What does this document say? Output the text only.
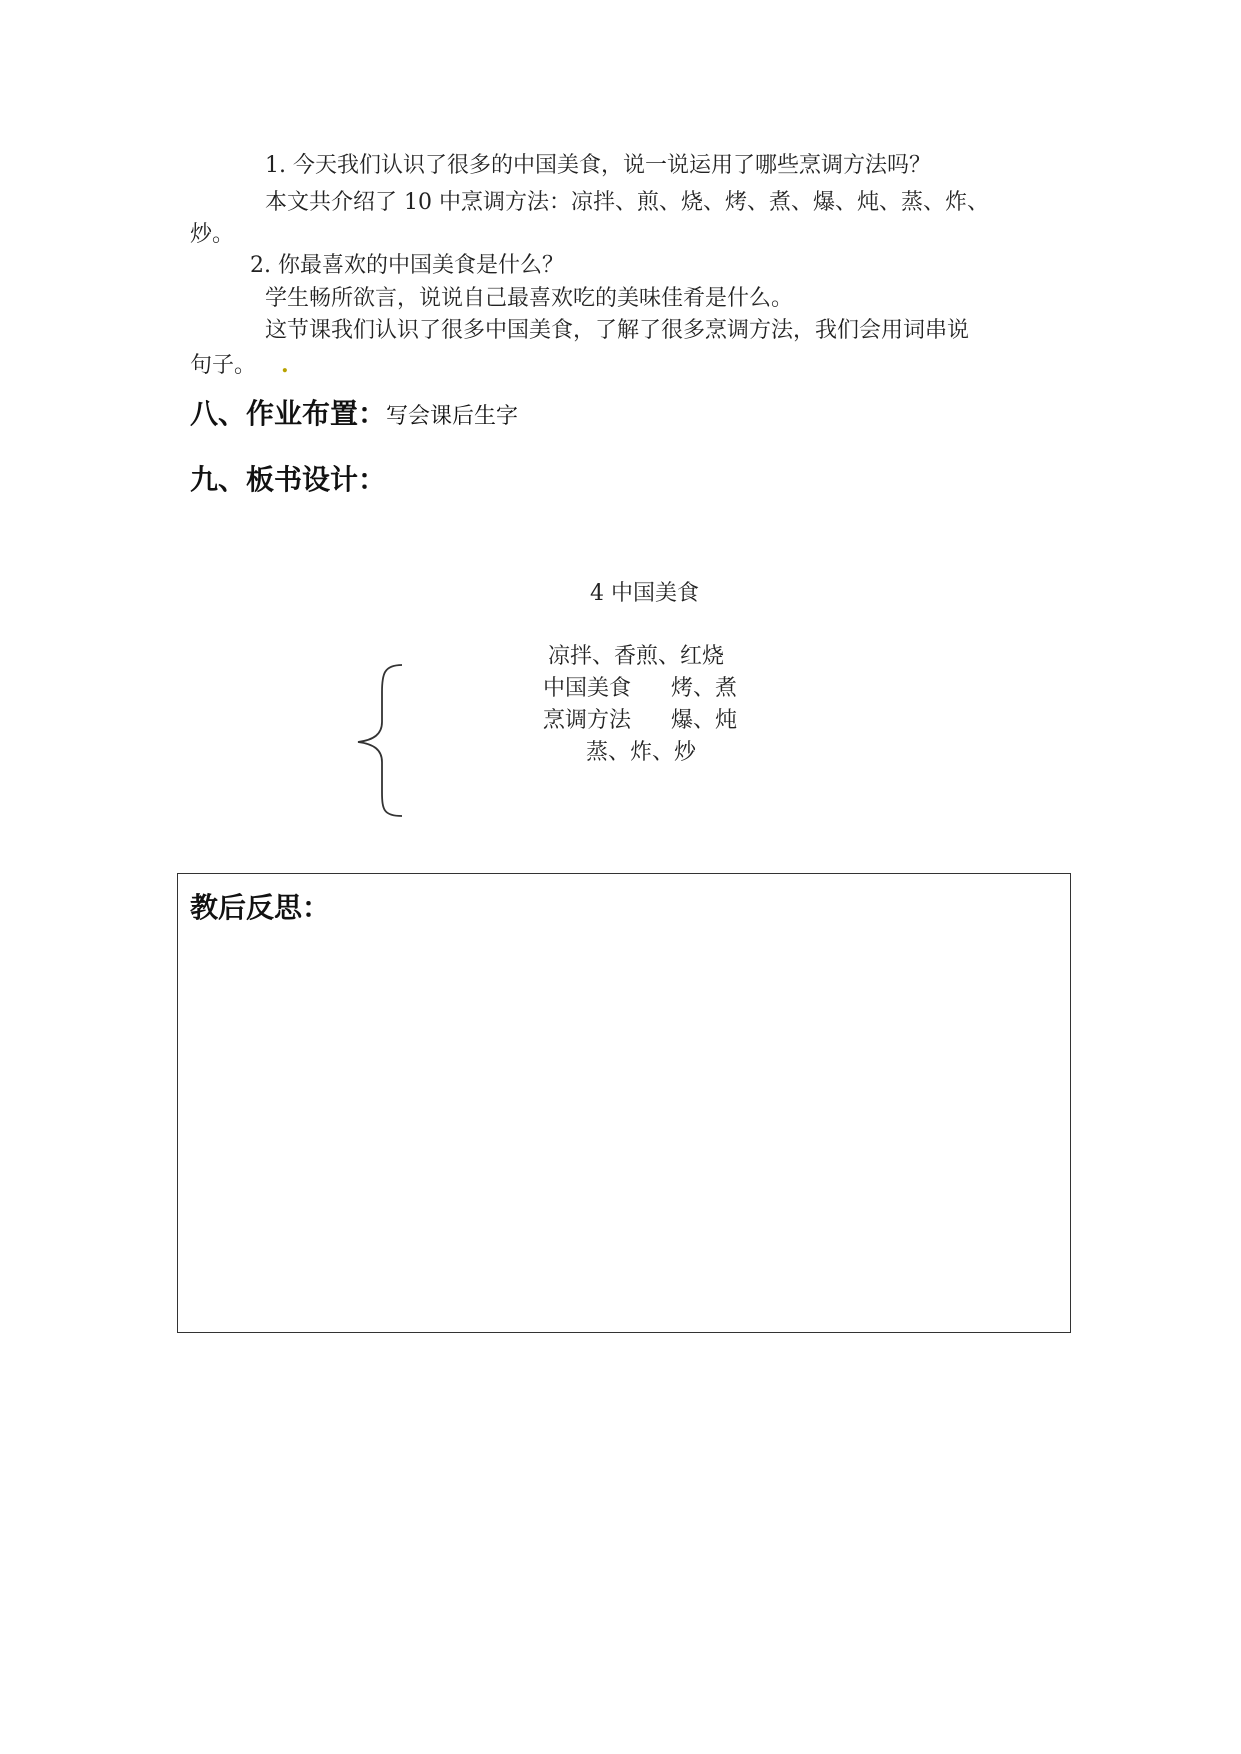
1. 今天我们认识了很多的中国美食，说一说运用了哪些烹调方法吗？
本文共介绍了 10 中烹调方法：凉拌、煎、烧、烤、煮、爆、炖、蒸、炸、
炒。
2. 你最喜欢的中国美食是什么？
学生畅所欲言，说说自己最喜欢吃的美味佳肴是什么。
这节课我们认识了很多中国美食，了解了很多烹调方法，我们会用词串说
句子。 .
八、作业布置：写会课后生字
九、板书设计：
4 中国美食
凉拌、香煎、红烧
中国美食 烤、煮
烹调方法 爆、炖
蒸、炸、炒
教后反思：
